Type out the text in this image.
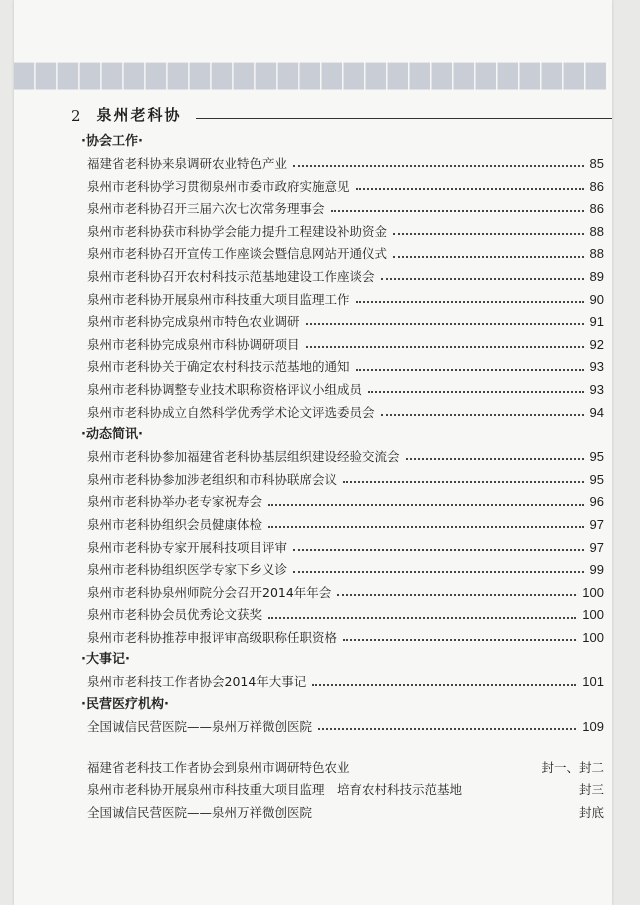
▇▇▇▇▇▇▇▇▇▇▇▇▇▇▇▇▇▇▇▇▇▇▇▇▇▇▇
2 泉州老科协
·协会工作·
福建省老科协来泉调研农业特色产业	85
泉州市老科协学习贯彻泉州市委市政府实施意见	86
泉州市老科协召开三届六次七次常务理事会	86
泉州市老科协获市科协学会能力提升工程建设补助资金	88
泉州市老科协召开宣传工作座谈会暨信息网站开通仪式	88
泉州市老科协召开农村科技示范基地建设工作座谈会	89
泉州市老科协开展泉州市科技重大项目监理工作	90
泉州市老科协完成泉州市特色农业调研	91
泉州市老科协完成泉州市科协调研项目	92
泉州市老科协关于确定农村科技示范基地的通知	93
泉州市老科协调整专业技术职称资格评议小组成员	93
泉州市老科协成立自然科学优秀学术论文评选委员会	94
·动态简讯·
泉州市老科协参加福建省老科协基层组织建设经验交流会	95
泉州市老科协参加涉老组织和市科协联席会议	95
泉州市老科协举办老专家祝寿会	96
泉州市老科协组织会员健康体检	97
泉州市老科协专家开展科技项目评审	97
泉州市老科协组织医学专家下乡义诊	99
泉州市老科协泉州师院分会召开2014年年会	100
泉州市老科协会员优秀论文获奖	100
泉州市老科协推荐申报评审高级职称任职资格	100
·大事记·
泉州市老科技工作者协会2014年大事记	101
·民营医疗机构·
全国诚信民营医院——泉州万祥微创医院	109
福建省老科技工作者协会到泉州市调研特色农业	封一、封二
泉州市老科协开展泉州市科技重大项目监理　培育农村科技示范基地	封三
全国诚信民营医院——泉州万祥微创医院	封底
